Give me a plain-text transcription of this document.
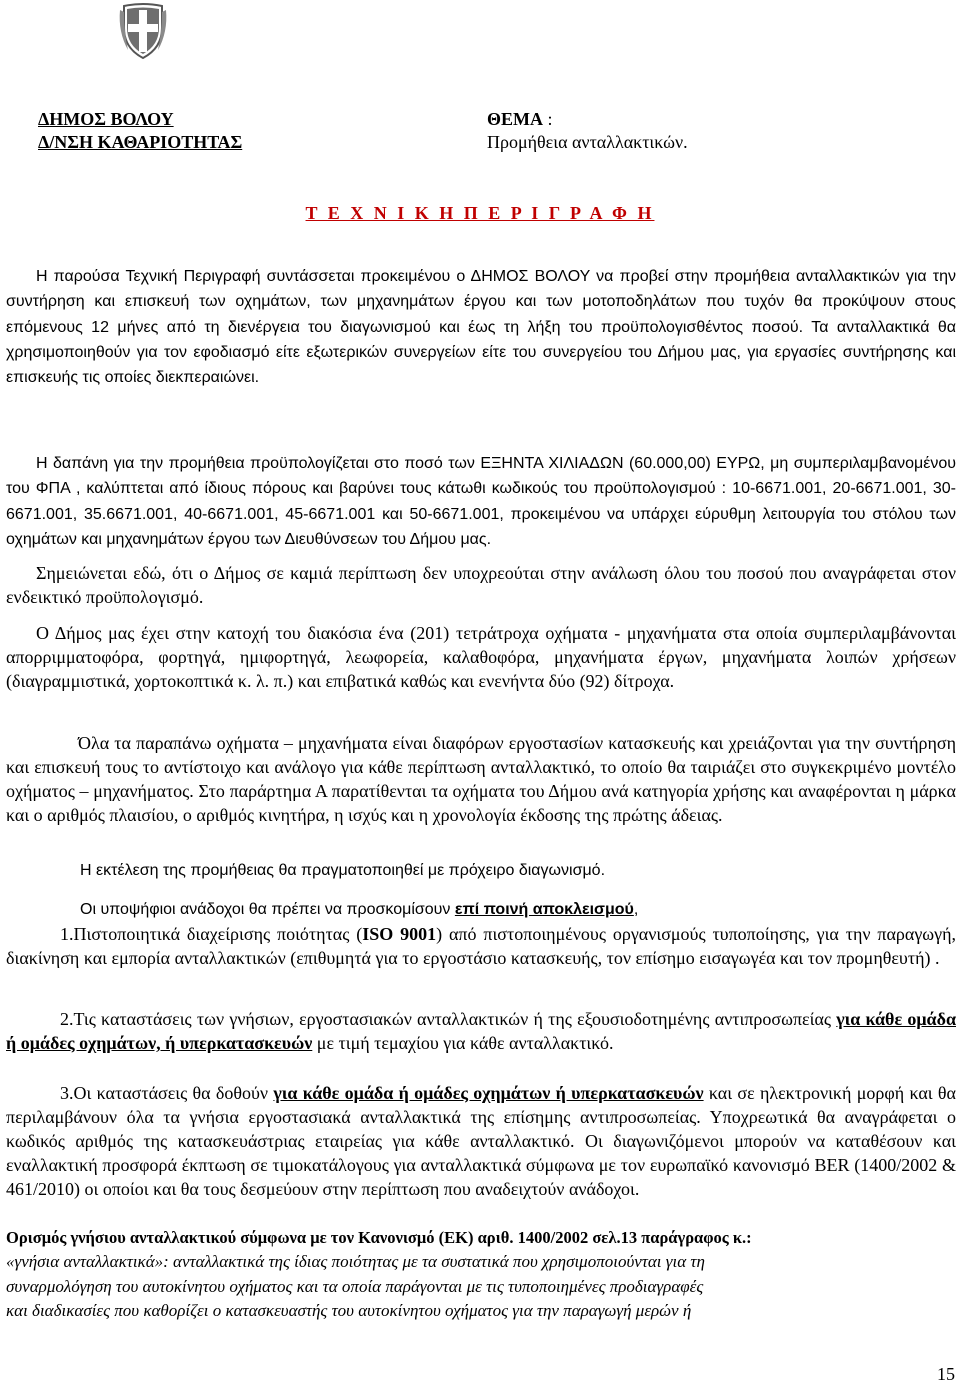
ΔΗΜΟΣ ΒΟΛΟΥ
Δ/ΝΣΗ ΚΑΘΑΡΙΟΤΗΤΑΣ
ΘΕΜΑ :
Προμήθεια ανταλλακτικών.
Τ Ε Χ Ν Ι Κ Η Π Ε Ρ Ι Γ Ρ Α Φ Η

Η παρούσα Τεχνική Περιγραφή συντάσσεται προκειμένου ο ΔΗΜΟΣ ΒΟΛΟΥ να προβεί στην προμήθεια ανταλλακτικών για την συντήρηση και επισκευή των οχημάτων, των μηχανημάτων έργου και των μοτοποδηλάτων που τυχόν θα προκύψουν στους επόμενους 12 μήνες από τη διενέργεια του διαγωνισμού και έως τη λήξη του προϋπολογισθέντος ποσού. Τα ανταλλακτικά θα χρησιμοποιηθούν για τον εφοδιασμό είτε εξωτερικών συνεργείων είτε του συνεργείου του Δήμου μας, για εργασίες συντήρησης και επισκευής τις οποίες διεκπεραιώνει.

Η δαπάνη για την προμήθεια προϋπολογίζεται στο ποσό των ΕΞΗΝΤΑ ΧΙΛΙΑΔΩΝ (60.000,00) ΕΥΡΩ, μη συμπεριλαμβανομένου του ΦΠΑ , καλύπτεται από ίδιους πόρους και βαρύνει τους κάτωθι κωδικούς του προϋπολογισμού : 10-6671.001, 20-6671.001, 30-6671.001, 35.6671.001, 40-6671.001, 45-6671.001 και 50-6671.001, προκειμένου να υπάρχει εύρυθμη λειτουργία του στόλου των οχημάτων και μηχανημάτων έργου των Διευθύνσεων του Δήμου μας.

Σημειώνεται εδώ, ότι ο Δήμος σε καμιά περίπτωση δεν υποχρεούται στην ανάλωση όλου του ποσού που αναγράφεται στον ενδεικτικό προϋπολογισμό.

Ο Δήμος μας έχει στην κατοχή του διακόσια ένα (201) τετράτροχα οχήματα - μηχανήματα στα οποία συμπεριλαμβάνονται απορριμματοφόρα, φορτηγά, ημιφορτηγά, λεωφορεία, καλαθοφόρα, μηχανήματα έργων, μηχανήματα λοιπών χρήσεων (διαγραμμιστικά, χορτοκοπτικά κ. λ. π.) και επιβατικά καθώς και ενενήντα δύο (92) δίτροχα.

Όλα τα παραπάνω οχήματα – μηχανήματα είναι διαφόρων εργοστασίων κατασκευής και χρειάζονται για την συντήρηση και επισκευή τους το αντίστοιχο και ανάλογο για κάθε περίπτωση ανταλλακτικό, το οποίο θα ταιριάζει στο συγκεκριμένο μοντέλο οχήματος – μηχανήματος. Στο παράρτημα Α παρατίθενται τα οχήματα του Δήμου ανά κατηγορία χρήσης και αναφέρονται η μάρκα και ο αριθμός πλαισίου, ο αριθμός κινητήρα, η ισχύς και η χρονολογία έκδοσης της πρώτης άδειας.

Η εκτέλεση της προμήθειας θα πραγματοποιηθεί με πρόχειρο διαγωνισμό.

Οι υποψήφιοι ανάδοχοι θα πρέπει να προσκομίσουν επί ποινή αποκλεισμού,

1.Πιστοποιητικά διαχείρισης ποιότητας (ISO 9001) από πιστοποιημένους οργανισμούς τυποποίησης, για την παραγωγή, διακίνηση και εμπορία ανταλλακτικών (επιθυμητά για το εργοστάσιο κατασκευής, τον επίσημο εισαγωγέα και τον προμηθευτή) .

2.Τις καταστάσεις των γνήσιων, εργοστασιακών ανταλλακτικών ή της εξουσιοδοτημένης αντιπροσωπείας για κάθε ομάδα ή ομάδες οχημάτων, ή υπερκατασκευών με τιμή τεμαχίου για κάθε ανταλλακτικό.

3.Οι καταστάσεις θα δοθούν για κάθε ομάδα ή ομάδες οχημάτων ή υπερκατασκευών και σε ηλεκτρονική μορφή και θα περιλαμβάνουν όλα τα γνήσια εργοστασιακά ανταλλακτικά της επίσημης αντιπροσωπείας. Υποχρεωτικά θα αναγράφεται ο κωδικός αριθμός της κατασκευάστριας εταιρείας για κάθε ανταλλακτικό. Οι διαγωνιζόμενοι μπορούν να καταθέσουν και εναλλακτική προσφορά έκπτωση σε τιμοκατάλογους για ανταλλακτικά σύμφωνα με τον ευρωπαϊκό κανονισμό BER (1400/2002 & 461/2010) οι οποίοι και θα τους δεσμεύουν στην περίπτωση που αναδειχτούν ανάδοχοι.

Ορισμός γνήσιου ανταλλακτικού σύμφωνα με τον Κανονισμό (ΕΚ) αριθ. 1400/2002 σελ.13 παράγραφος κ.:

«γνήσια ανταλλακτικά»: ανταλλακτικά της ίδιας ποιότητας με τα συστατικά που χρησιμοποιούνται για τη συναρμολόγηση του αυτοκίνητου οχήματος και τα οποία παράγονται με τις τυποποιημένες προδιαγραφές και διαδικασίες που καθορίζει ο κατασκευαστής του αυτοκίνητου οχήματος για την παραγωγή μερών ή

15
